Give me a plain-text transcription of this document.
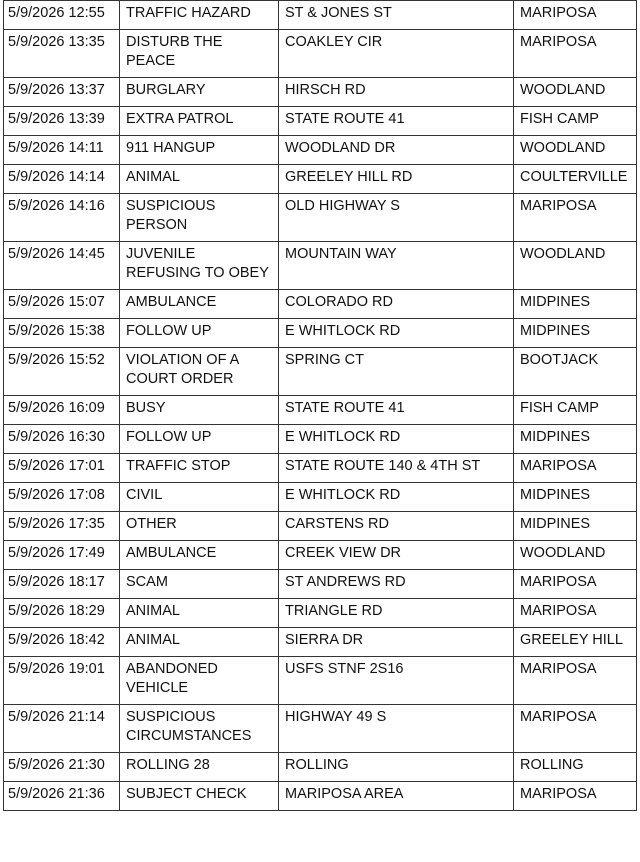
5/9/2026 12:55	TRAFFIC HAZARD	ST & JONES ST	MARIPOSA
5/9/2026 13:35	DISTURB THE PEACE	COAKLEY CIR	MARIPOSA
5/9/2026 13:37	BURGLARY	HIRSCH RD	WOODLAND
5/9/2026 13:39	EXTRA PATROL	STATE ROUTE 41	FISH CAMP
5/9/2026 14:11	911 HANGUP	WOODLAND DR	WOODLAND
5/9/2026 14:14	ANIMAL	GREELEY HILL RD	COULTERVILLE
5/9/2026 14:16	SUSPICIOUS PERSON	OLD HIGHWAY S	MARIPOSA
5/9/2026 14:45	JUVENILE REFUSING TO OBEY	MOUNTAIN WAY	WOODLAND
5/9/2026 15:07	AMBULANCE	COLORADO RD	MIDPINES
5/9/2026 15:38	FOLLOW UP	E WHITLOCK RD	MIDPINES
5/9/2026 15:52	VIOLATION OF A COURT ORDER	SPRING CT	BOOTJACK
5/9/2026 16:09	BUSY	STATE ROUTE 41	FISH CAMP
5/9/2026 16:30	FOLLOW UP	E WHITLOCK RD	MIDPINES
5/9/2026 17:01	TRAFFIC STOP	STATE ROUTE 140 & 4TH ST	MARIPOSA
5/9/2026 17:08	CIVIL	E WHITLOCK RD	MIDPINES
5/9/2026 17:35	OTHER	CARSTENS RD	MIDPINES
5/9/2026 17:49	AMBULANCE	CREEK VIEW DR	WOODLAND
5/9/2026 18:17	SCAM	ST ANDREWS RD	MARIPOSA
5/9/2026 18:29	ANIMAL	TRIANGLE RD	MARIPOSA
5/9/2026 18:42	ANIMAL	SIERRA DR	GREELEY HILL
5/9/2026 19:01	ABANDONED VEHICLE	USFS STNF 2S16	MARIPOSA
5/9/2026 21:14	SUSPICIOUS CIRCUMSTANCES	HIGHWAY 49 S	MARIPOSA
5/9/2026 21:30	ROLLING 28	ROLLING	ROLLING
5/9/2026 21:36	SUBJECT CHECK	MARIPOSA AREA	MARIPOSA
